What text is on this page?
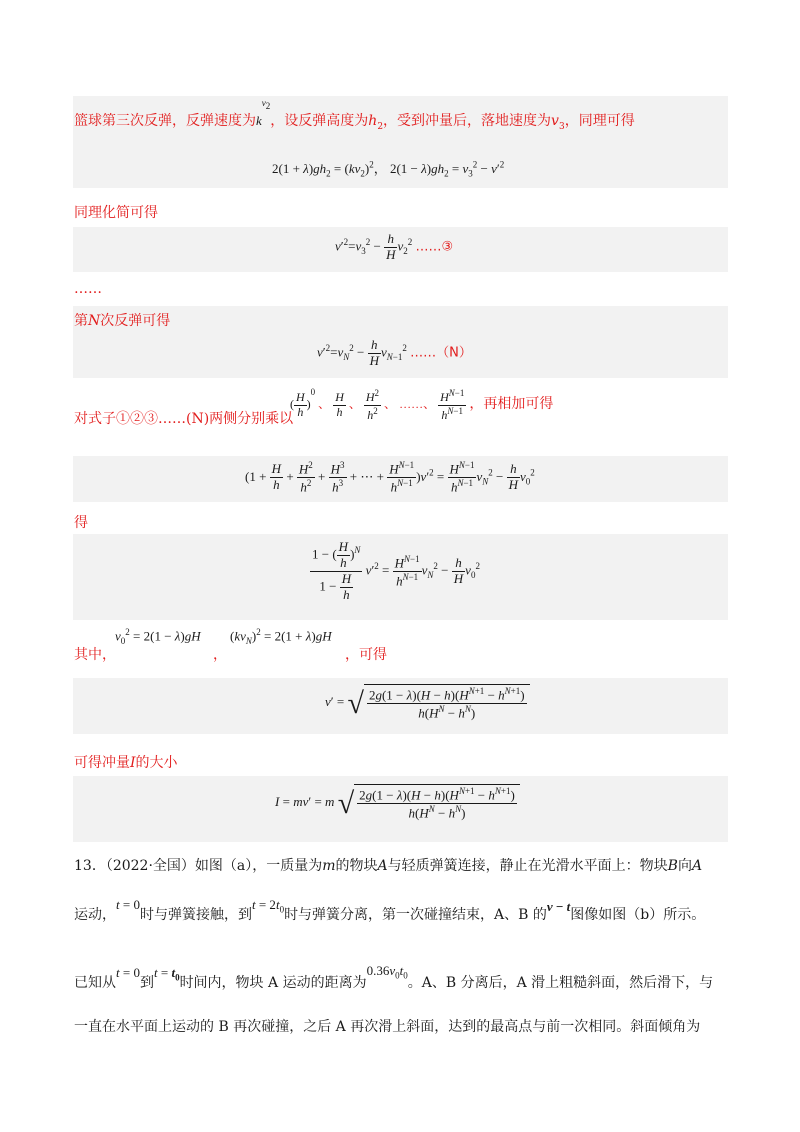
篮球第三次反弹，反弹速度为$k^{v_2}$，设反弹高度为$h_2$，受到冲量后，落地速度为$v_3$，同理可得
$2(1 + \lambda)gh_2 = (kv_2)^2$， $2(1 - \lambda)gh_2 = v_3^2 - v'^2$
同理化简可得
$v'^2=v_3^2 - \frac{h}{H} v_2^2$ ……③
……
第N次反弹可得
$v'^2=v_N^2 - \frac{h}{H} v_{N-1}^2$ ……（N）
对式子①②③……(N)两侧分别乘以
( $\frac{H}{h} )^0$ 、 $\frac{H}{h}$ 、 $\frac{H^2}{h^2}$ 、 ……、 $\frac{H^{N-1}}{h^{N-1}}$ ，再相加可得
($1 + \frac{H}{h} + \frac{H^2}{h^2} + \frac{H^3}{h^3}$ + ⋯ + $\frac{H^{N-1}}{h^{N-1}} )v'^2 = \frac{H^{N-1}}{h^{N-1}} v_N^2 - \frac{h}{H} v_0^2$
得
$\frac{1 - ( \frac{H}{h} )^N}{1 - \frac{H}{h}} v'^2 = \frac{H^{N-1}}{h^{N-1}} v_N^2 - \frac{h}{H} v_0^2$
其中，
$v_0^2 = 2(1 - \lambda)gH$
，
$(kv_N)^2 = 2(1 + \lambda)gH$
，可得
v′ = √ $\frac{2g(1 - \lambda)(H - h)(H^{N+1} - h^{N+1})}{h(H^N - h^N)}$
可得冲量I的大小
I = mv′ = m √ $\frac{2g(1 - \lambda)(H - h)(H^{N+1} - h^{N+1})}{h(H^N - h^N)}$
13．（2022·全国）如图（a），一质量为m的物块A与轻质弹簧连接，静止在光滑水平面上：物块B向A
运动，t = 0时与弹簧接触，到$t = 2t_0$时与弹簧分离，第一次碰撞结束，A、B 的v − t图像如图（b）所示。
已知从t = 0到$t = t_0$时间内，物块 A 运动的距离为$0.36v_0t_0$。A、B 分离后，A 滑上粗糙斜面，然后滑下，与
一直在水平面上运动的 B 再次碰撞，之后 A 再次滑上斜面，达到的最高点与前一次相同。斜面倾角为
